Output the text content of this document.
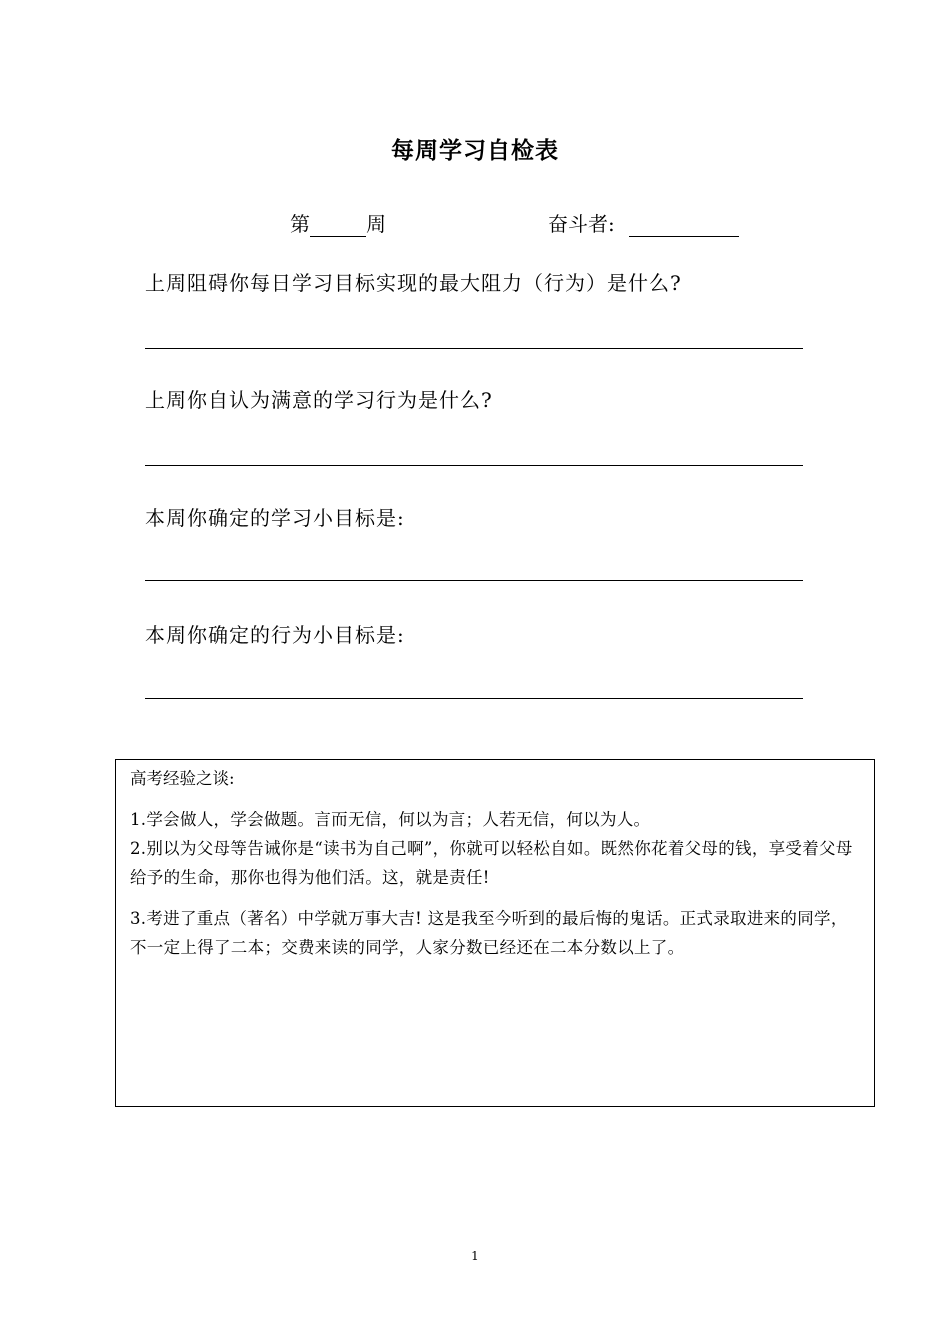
每周学习自检表
第	周	奋斗者:
上周阻碍你每日学习目标实现的最大阻力（行为）是什么?
上周你自认为满意的学习行为是什么?
本周你确定的学习小目标是:
本周你确定的行为小目标是:
高考经验之谈:

1.学会做人，学会做题。言而无信，何以为言；人若无信，何以为人。

2.别以为父母等告诫你是“读书为自己啊”，你就可以轻松自如。既然你花着父母的钱，享受着父母给予的生命，那你也得为他们活。这，就是责任!

3.考进了重点（著名）中学就万事大吉! 这是我至今听到的最后悔的鬼话。正式录取进来的同学，不一定上得了二本；交费来读的同学，人家分数已经还在二本分数以上了。

1
